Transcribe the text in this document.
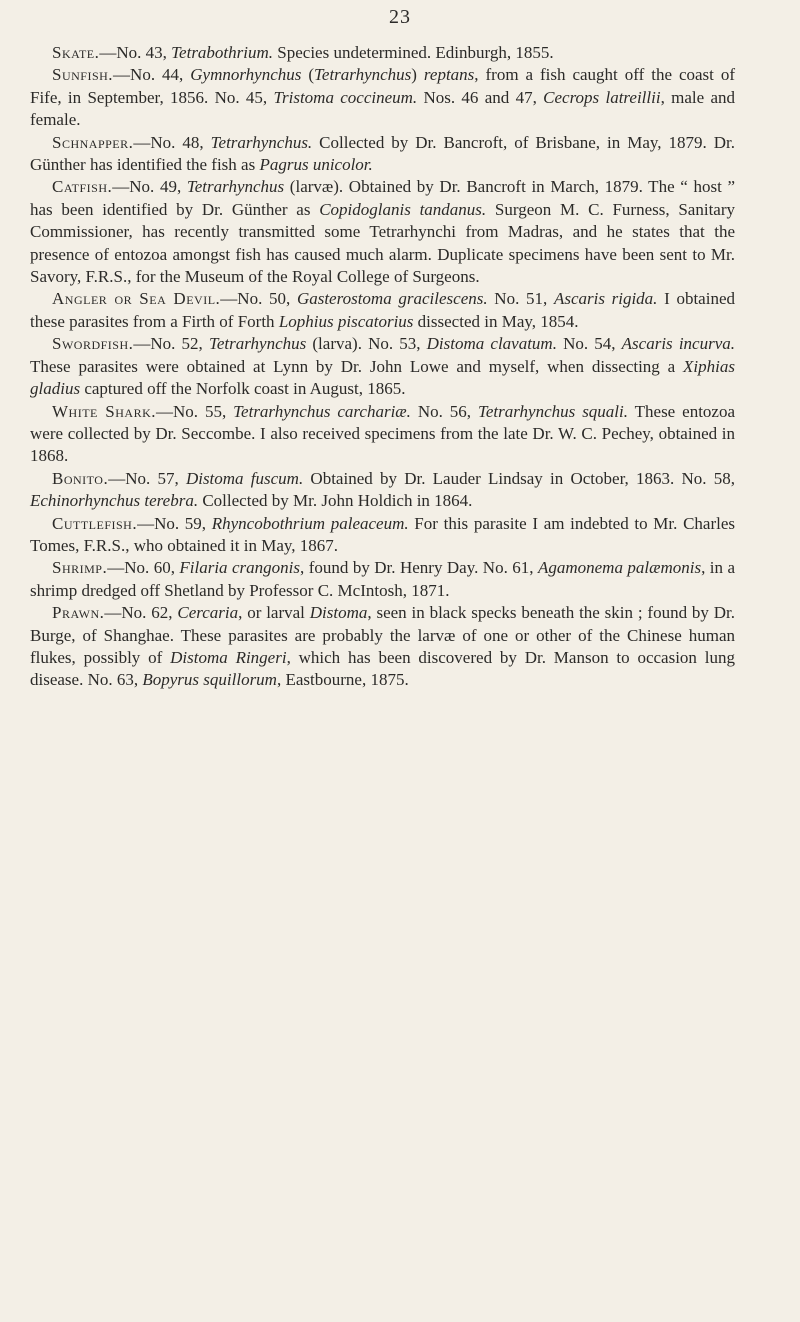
23

Skate.—No. 43, Tetrabothrium. Species undetermined. Edinburgh, 1855.

Sunfish.—No. 44, Gymnorhynchus (Tetrarhynchus) reptans, from a fish caught off the coast of Fife, in September, 1856. No. 45, Tristoma coccineum. Nos. 46 and 47, Cecrops latreillii, male and female.

Schnapper.—No. 48, Tetrarhynchus. Collected by Dr. Bancroft, of Brisbane, in May, 1879. Dr. Günther has identified the fish as Pagrus unicolor.

Catfish.—No. 49, Tetrarhynchus (larvæ). Obtained by Dr. Bancroft in March, 1879. The “ host ” has been identified by Dr. Günther as Copidoglanis tandanus. Surgeon M. C. Furness, Sanitary Commissioner, has recently transmitted some Tetrarhynchi from Madras, and he states that the presence of entozoa amongst fish has caused much alarm. Duplicate specimens have been sent to Mr. Savory, F.R.S., for the Museum of the Royal College of Surgeons.

Angler or Sea Devil.—No. 50, Gasterostoma gracilescens. No. 51, Ascaris rigida. I obtained these parasites from a Firth of Forth Lophius piscatorius dissected in May, 1854.

Swordfish.—No. 52, Tetrarhynchus (larva). No. 53, Distoma clavatum. No. 54, Ascaris incurva. These parasites were obtained at Lynn by Dr. John Lowe and myself, when dissecting a Xiphias gladius captured off the Norfolk coast in August, 1865.

White Shark.—No. 55, Tetrarhynchus carchariæ. No. 56, Tetrarhynchus squali. These entozoa were collected by Dr. Seccombe. I also received specimens from the late Dr. W. C. Pechey, obtained in 1868.

Bonito.—No. 57, Distoma fuscum. Obtained by Dr. Lauder Lindsay in October, 1863. No. 58, Echinorhynchus terebra. Collected by Mr. John Holdich in 1864.

Cuttlefish.—No. 59, Rhyncobothrium paleaceum. For this parasite I am indebted to Mr. Charles Tomes, F.R.S., who obtained it in May, 1867.

Shrimp.—No. 60, Filaria crangonis, found by Dr. Henry Day. No. 61, Agamonema palæmonis, in a shrimp dredged off Shetland by Professor C. McIntosh, 1871.

Prawn.—No. 62, Cercaria, or larval Distoma, seen in black specks beneath the skin ; found by Dr. Burge, of Shanghae. These parasites are probably the larvæ of one or other of the Chinese human flukes, possibly of Distoma Ringeri, which has been discovered by Dr. Manson to occasion lung disease. No. 63, Bopyrus squillorum, Eastbourne, 1875.
